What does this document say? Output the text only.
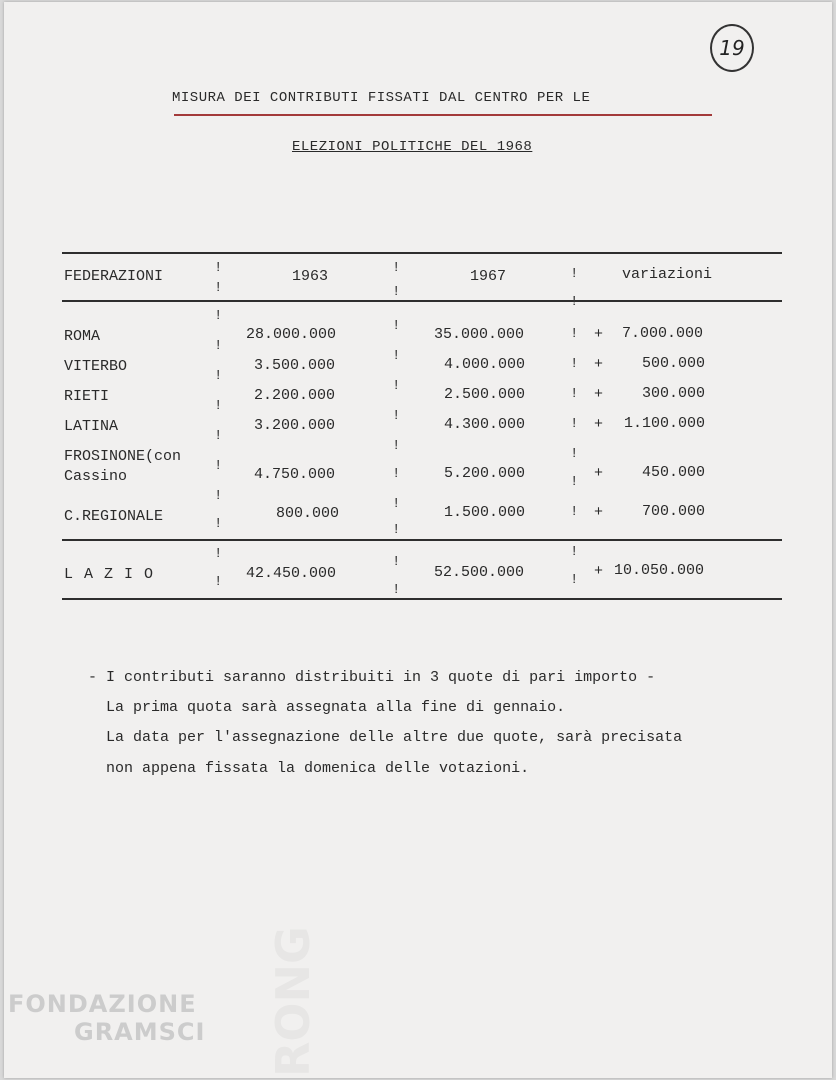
RONG
19
MISURA DEI CONTRIBUTI FISSATI DAL CENTRO PER LE
ELEZIONI POLITICHE DEL 1968
FEDERAZIONI	1963	1967	variazioni
!
!
!
!
!
ROMA	28.000.000	35.000.000	+ 7.000.000
VITERBO	3.500.000	4.000.000	+	500.000
RIETI	2.200.000	2.500.000	+	300.000
LATINA	3.200.000	4.300.000	+ 1.100.000
FROSINONE(con
Cassino	4.750.000	5.200.000	+	450.000
C.REGIONALE	800.000	1.500.000	+	700.000
!
!
!
!
!
!
!
!
!
!
!
!
!
!
!
!
!
!
!
!
!
!
!
!
L A Z I O	42.450.000	52.500.000	+ 10.050.000
!
!
!
!
!
!
- I contributi saranno distribuiti in 3 quote di pari importo -
La prima quota sarà assegnata alla fine di gennaio.
La data per l'assegnazione delle altre due quote, sarà precisata
non appena fissata la domenica delle votazioni.
FONDAZIONE
GRAMSCI
